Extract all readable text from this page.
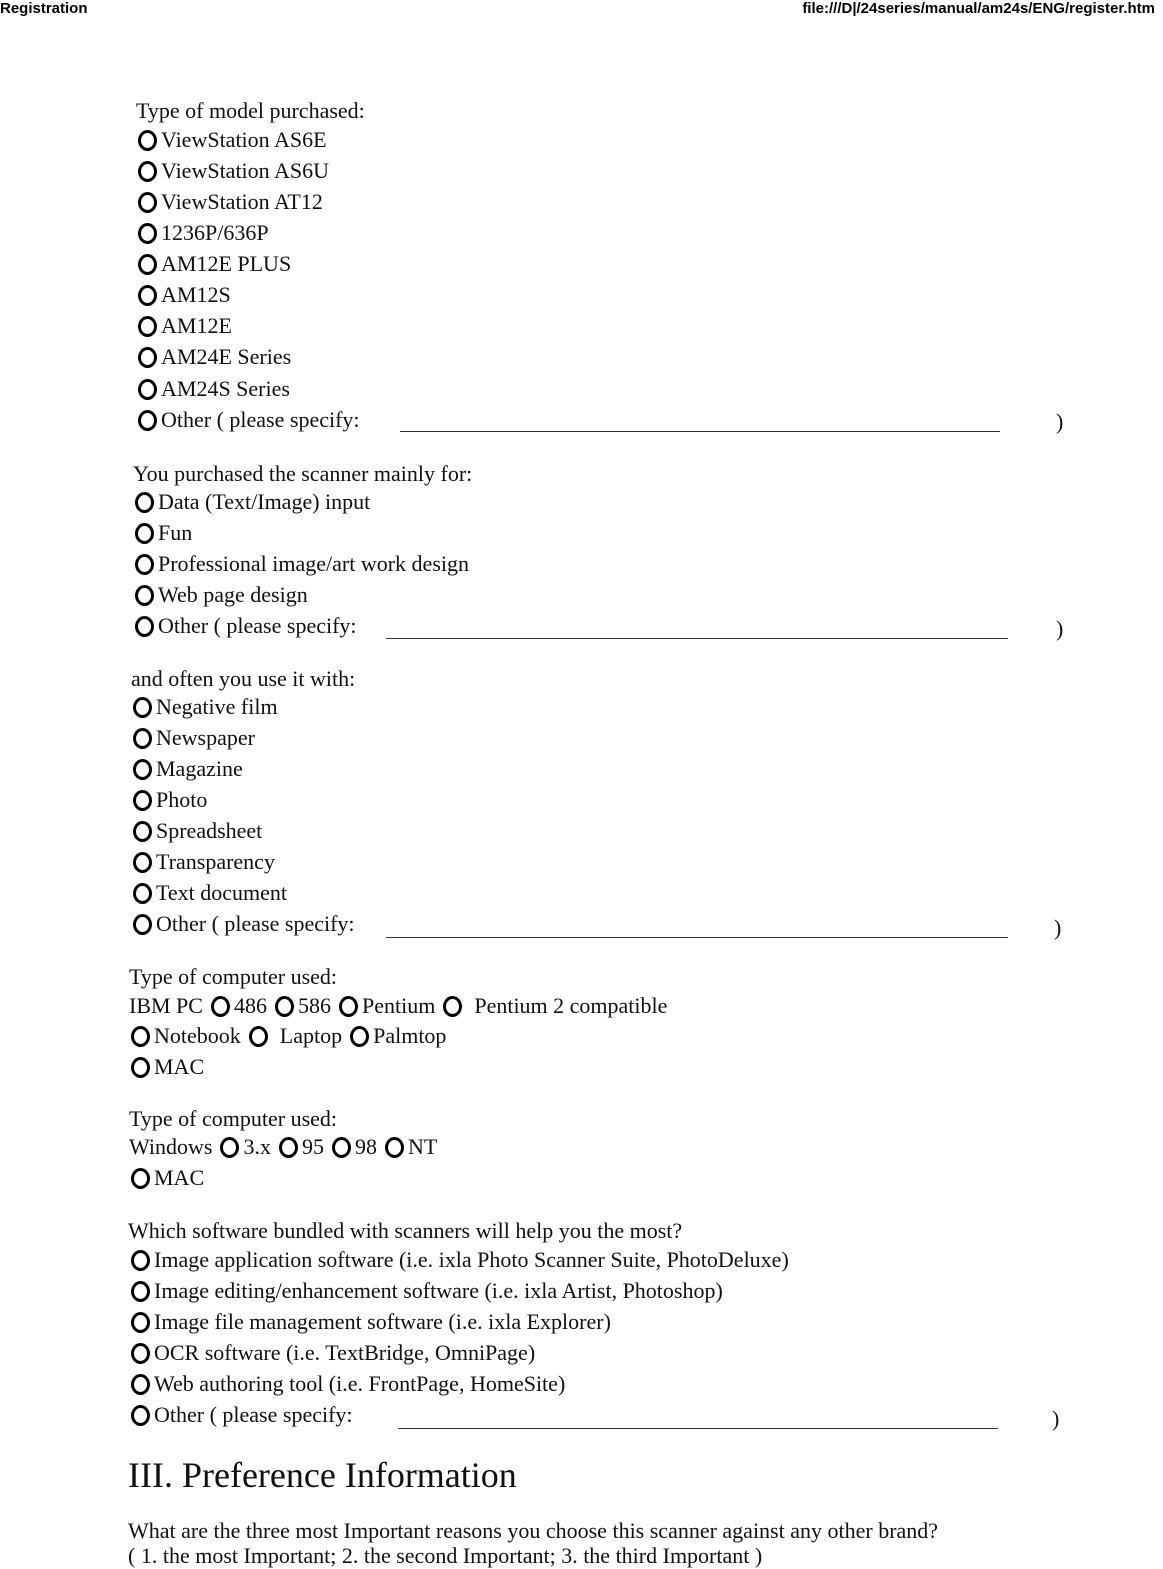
Registration	file:///D|/24series/manual/am24s/ENG/register.htm
Type of model purchased:
ViewStation AS6E
ViewStation AS6U
ViewStation AT12
1236P/636P
AM12E PLUS
AM12S
AM12E
AM24E Series
AM24S Series
Other ( please specify:	)
You purchased the scanner mainly for:
Data (Text/Image) input
Fun
Professional image/art work design
Web page design
Other ( please specify:	)
and often you use it with:
Negative film
Newspaper
Magazine
Photo
Spreadsheet
Transparency
Text document
Other ( please specify:	)
Type of computer used:
IBM PC 486 586 Pentium Pentium 2 compatible
Notebook Laptop Palmtop
MAC
Type of computer used:
Windows 3.x 95 98 NT
MAC
Which software bundled with scanners will help you the most?
Image application software (i.e. ixla Photo Scanner Suite, PhotoDeluxe)
Image editing/enhancement software (i.e. ixla Artist, Photoshop)
Image file management software (i.e. ixla Explorer)
OCR software (i.e. TextBridge, OmniPage)
Web authoring tool (i.e. FrontPage, HomeSite)
Other ( please specify:	)
III. Preference Information
What are the three most Important reasons you choose this scanner against any other brand?
( 1. the most Important; 2. the second Important; 3. the third Important )
